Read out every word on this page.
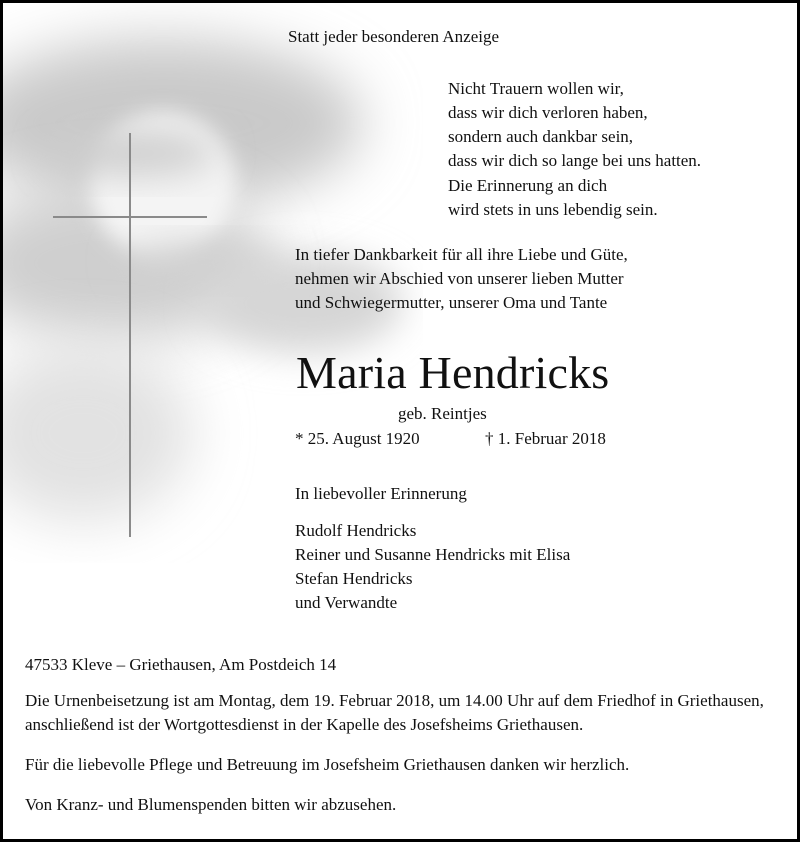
Statt jeder besonderen Anzeige
Nicht Trauern wollen wir,
dass wir dich verloren haben,
sondern auch dankbar sein,
dass wir dich so lange bei uns hatten.
Die Erinnerung an dich
wird stets in uns lebendig sein.
In tiefer Dankbarkeit für all ihre Liebe und Güte,
nehmen wir Abschied von unserer lieben Mutter
und Schwiegermutter, unserer Oma und Tante
Maria Hendricks
geb. Reintjes
* 25. August 1920	† 1. Februar 2018
In liebevoller Erinnerung
Rudolf Hendricks
Reiner und Susanne Hendricks mit Elisa
Stefan Hendricks
und Verwandte
47533 Kleve – Griethausen, Am Postdeich 14
Die Urnenbeisetzung ist am Montag, dem 19. Februar 2018, um 14.00 Uhr auf dem Friedhof in Griethausen, anschließend ist der Wortgottesdienst in der Kapelle des Josefsheims Griethausen.
Für die liebevolle Pflege und Betreuung im Josefsheim Griethausen danken wir herzlich.
Von Kranz- und Blumenspenden bitten wir abzusehen.
